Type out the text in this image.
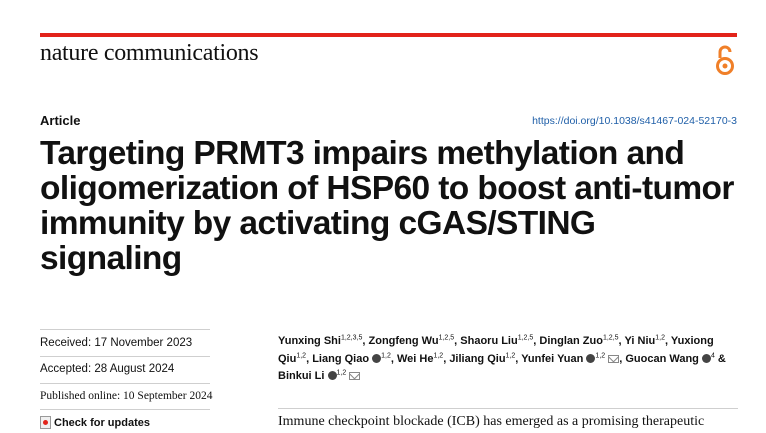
nature communications
Article	https://doi.org/10.1038/s41467-024-52170-3
Targeting PRMT3 impairs methylation and oligomerization of HSP60 to boost anti-tumor immunity by activating cGAS/STING signaling
Received: 17 November 2023
Accepted: 28 August 2024
Published online: 10 September 2024
Check for updates
Yunxing Shi$^{1,2,3,5}$, Zongfeng Wu$^{1,2,5}$, Shaoru Liu$^{1,2,5}$, Dinglan Zuo$^{1,2,5}$, Yi Niu$^{1,2}$, Yuxiong Qiu$^{1,2}$, Liang Qiao $^{1,2}$, Wei He$^{1,2}$, Jiliang Qiu$^{1,2}$, Yunfei Yuan $^{1,2}$ , Guocan Wang $^4$ & Binkui Li $^{1,2}$
Immune checkpoint blockade (ICB) has emerged as a promising therapeutic
